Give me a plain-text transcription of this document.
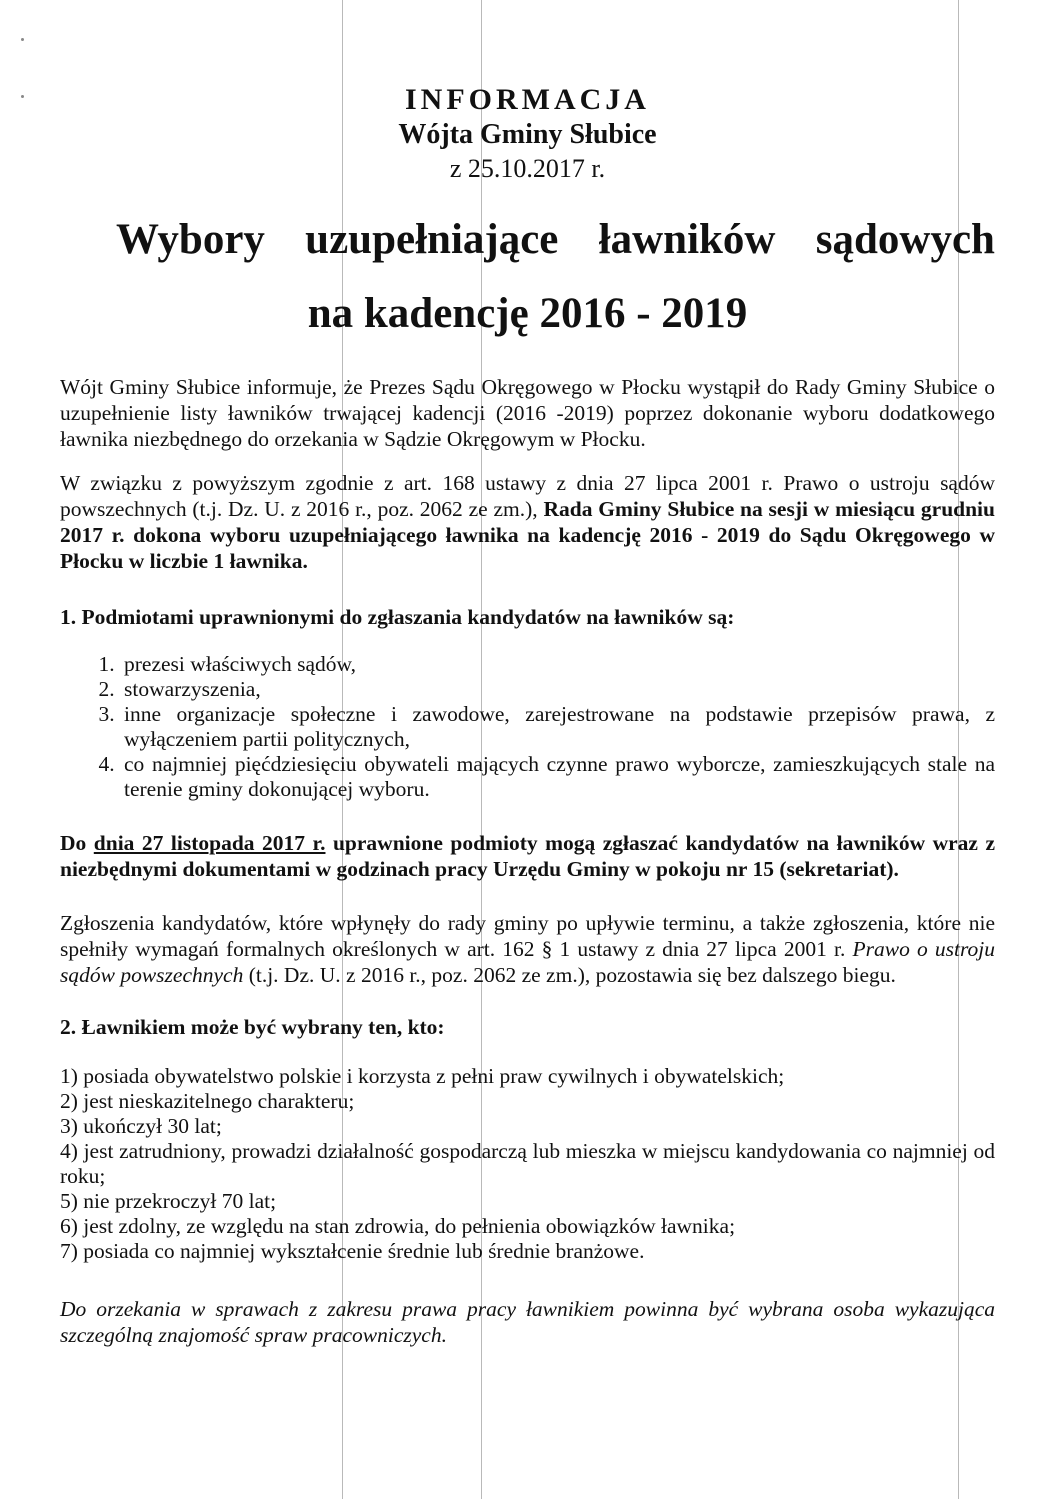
INFORMACJA
Wójta Gminy Słubice
z 25.10.2017 r.
Wybory uzupełniające ławników sądowych
na kadencję 2016 - 2019

Wójt Gminy Słubice informuje, że Prezes Sądu Okręgowego w Płocku wystąpił do Rady Gminy Słubice o uzupełnienie listy ławników trwającej kadencji (2016 -2019) poprzez dokonanie wyboru dodatkowego ławnika niezbędnego do orzekania w Sądzie Okręgowym w Płocku.

W związku z powyższym zgodnie z art. 168 ustawy z dnia 27 lipca 2001 r. Prawo o ustroju sądów powszechnych (t.j. Dz. U. z 2016 r., poz. 2062 ze zm.), Rada Gminy Słubice na sesji w miesiącu grudniu 2017 r. dokona wyboru uzupełniającego ławnika na kadencję 2016 - 2019 do Sądu Okręgowego w Płocku w liczbie 1 ławnika.

1. Podmiotami uprawnionymi do zgłaszania kandydatów na ławników są:
1. prezesi właściwych sądów,
2. stowarzyszenia,
3. inne organizacje społeczne i zawodowe, zarejestrowane na podstawie przepisów prawa, z wyłączeniem partii politycznych,
4. co najmniej pięćdziesięciu obywateli mających czynne prawo wyborcze, zamieszkujących stale na terenie gminy dokonującej wyboru.

Do dnia 27 listopada 2017 r. uprawnione podmioty mogą zgłaszać kandydatów na ławników wraz z niezbędnymi dokumentami w godzinach pracy Urzędu Gminy w pokoju nr 15 (sekretariat).

Zgłoszenia kandydatów, które wpłynęły do rady gminy po upływie terminu, a także zgłoszenia, które nie spełniły wymagań formalnych określonych w art. 162 § 1 ustawy z dnia 27 lipca 2001 r. Prawo o ustroju sądów powszechnych (t.j. Dz. U. z 2016 r., poz. 2062 ze zm.), pozostawia się bez dalszego biegu.

2. Ławnikiem może być wybrany ten, kto:
1) posiada obywatelstwo polskie i korzysta z pełni praw cywilnych i obywatelskich;
2) jest nieskazitelnego charakteru;
3) ukończył 30 lat;
4) jest zatrudniony, prowadzi działalność gospodarczą lub mieszka w miejscu kandydowania co najmniej od roku;
5) nie przekroczył 70 lat;
6) jest zdolny, ze względu na stan zdrowia, do pełnienia obowiązków ławnika;
7) posiada co najmniej wykształcenie średnie lub średnie branżowe.

Do orzekania w sprawach z zakresu prawa pracy ławnikiem powinna być wybrana osoba wykazująca szczególną znajomość spraw pracowniczych.
